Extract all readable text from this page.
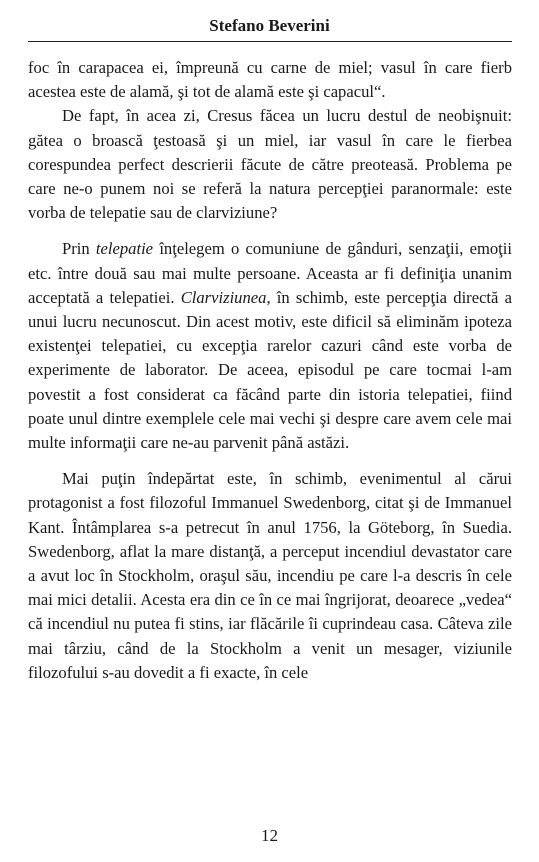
Stefano Beverini

foc în carapacea ei, împreună cu carne de miel; vasul în care fierb acestea este de alamă, şi tot de alamă este şi capacul“.

De fapt, în acea zi, Cresus făcea un lucru destul de neobişnuit: gătea o broască ţestoasă şi un miel, iar vasul în care le fierbea corespundea perfect descrierii făcute de către preoteasă. Problema pe care ne-o punem noi se referă la natura percepţiei paranormale: este vorba de telepatie sau de clarviziune?

Prin telepatie înţelegem o comuniune de gânduri, senzaţii, emoţii etc. între două sau mai multe persoane. Aceasta ar fi definiţia unanim acceptată a telepatiei. Clarviziunea, în schimb, este percepţia directă a unui lucru necunoscut. Din acest motiv, este dificil să eliminăm ipoteza existenţei telepatiei, cu excepţia rarelor cazuri când este vorba de experimente de laborator. De aceea, episodul pe care tocmai l-am povestit a fost considerat ca făcând parte din istoria telepatiei, fiind poate unul dintre exemplele cele mai vechi şi despre care avem cele mai multe informaţii care ne-au parvenit până astăzi.

Mai puţin îndepărtat este, în schimb, evenimentul al cărui protagonist a fost filozoful Immanuel Swedenborg, citat şi de Immanuel Kant. Întâmplarea s-a petrecut în anul 1756, la Göteborg, în Suedia. Swedenborg, aflat la mare distanţă, a perceput incendiul devastator care a avut loc în Stockholm, oraşul său, incendiu pe care l-a descris în cele mai mici detalii. Acesta era din ce în ce mai îngrijorat, deoarece „vedea“ că incendiul nu putea fi stins, iar flăcările îi cuprindeau casa. Câteva zile mai târziu, când de la Stockholm a venit un mesager, viziunile filozofului s-au dovedit a fi exacte, în cele

12
